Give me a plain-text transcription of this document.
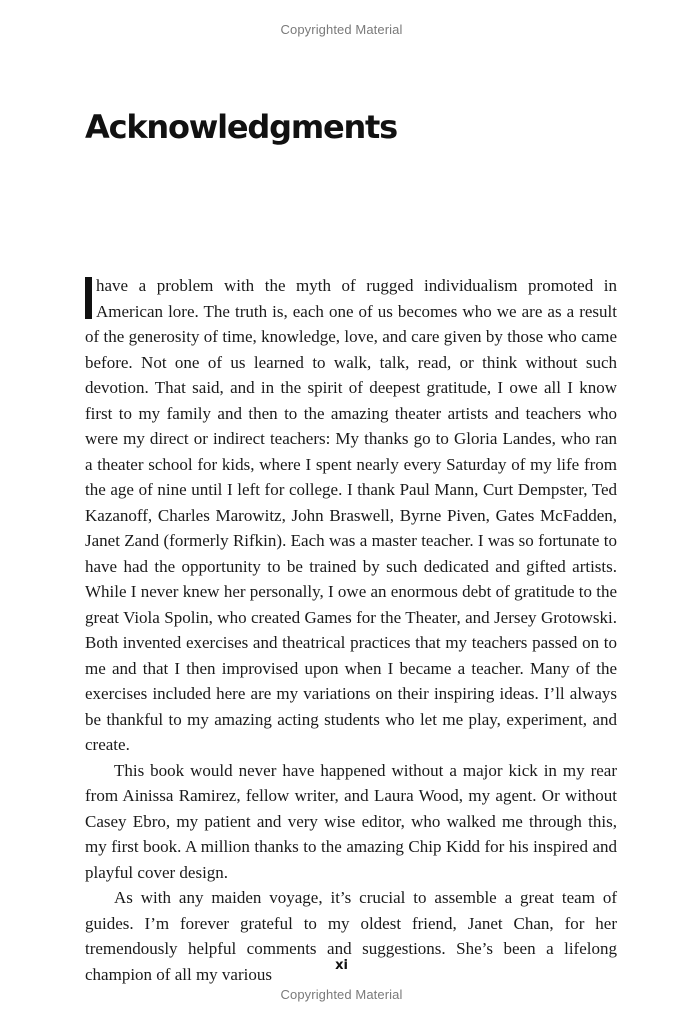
Copyrighted Material
Acknowledgments

have a problem with the myth of rugged individualism promoted in American lore. The truth is, each one of us becomes who we are as a result of the generosity of time, knowledge, love, and care given by those who came before. Not one of us learned to walk, talk, read, or think without such devotion. That said, and in the spirit of deepest gratitude, I owe all I know first to my family and then to the amazing theater artists and teachers who were my direct or indirect teachers: My thanks go to Gloria Landes, who ran a theater school for kids, where I spent nearly every Saturday of my life from the age of nine until I left for college. I thank Paul Mann, Curt Dempster, Ted Kazanoff, Charles Marowitz, John Braswell, Byrne Piven, Gates McFadden, Janet Zand (formerly Rifkin). Each was a master teacher. I was so fortunate to have had the opportunity to be trained by such dedicated and gifted artists. While I never knew her personally, I owe an enormous debt of gratitude to the great Viola Spolin, who created Games for the Theater, and Jersey Grotowski. Both invented exercises and theatrical practices that my teachers passed on to me and that I then improvised upon when I became a teacher. Many of the exercises included here are my variations on their inspiring ideas. I’ll always be thankful to my amazing acting students who let me play, experiment, and create.

This book would never have happened without a major kick in my rear from Ainissa Ramirez, fellow writer, and Laura Wood, my agent. Or without Casey Ebro, my patient and very wise editor, who walked me through this, my first book. A million thanks to the amazing Chip Kidd for his inspired and playful cover design.

As with any maiden voyage, it’s crucial to assemble a great team of guides. I’m forever grateful to my oldest friend, Janet Chan, for her tremendously helpful comments and suggestions. She’s been a lifelong champion of all my various	xi
Copyrighted Material
